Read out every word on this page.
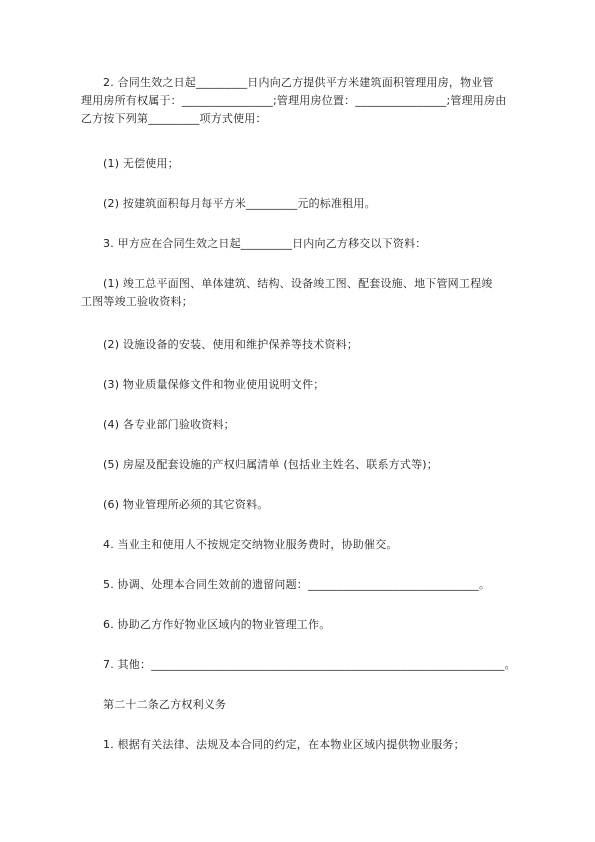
2. 合同生效之日起_________日内向乙方提供平方米建筑面积管理用房，物业管

理用房所有权属于：________________;管理用房位置：________________;管理用房由
乙方按下列第_________项方式使用：
(1) 无偿使用；
(2) 按建筑面积每月每平方米_________元的标准租用。
3. 甲方应在合同生效之日起_________日内向乙方移交以下资料：
(1) 竣工总平面图、单体建筑、结构、设备竣工图、配套设施、地下管网工程竣

工图等竣工验收资料；
(2) 设施设备的安装、使用和维护保养等技术资料；
(3) 物业质量保修文件和物业使用说明文件；
(4) 各专业部门验收资料；
(5) 房屋及配套设施的产权归属清单 (包括业主姓名、联系方式等)；
(6) 物业管理所必须的其它资料。
4. 当业主和使用人不按规定交纳物业服务费时，协助催交。
5. 协调、处理本合同生效前的遗留问题：______________________________。
6. 协助乙方作好物业区域内的物业管理工作。
7. 其他：______________________________________________________________。
第二十二条乙方权利义务
1. 根据有关法律、法规及本合同的约定，在本物业区域内提供物业服务；
